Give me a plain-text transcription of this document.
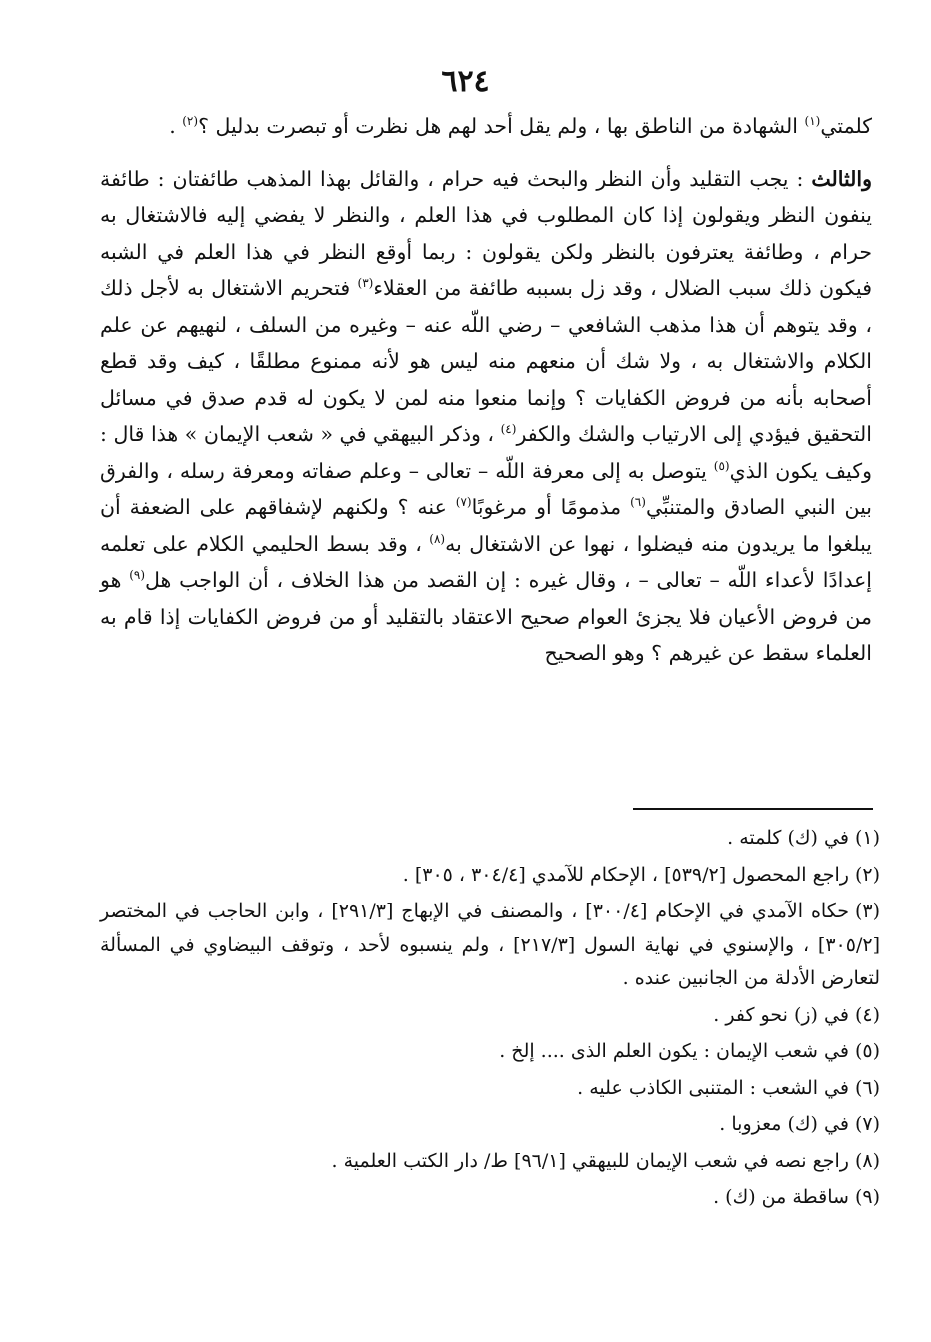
٦٢٤

كلمتي$^{(١)}$ الشهادة من الناطق بها ، ولم يقل أحد لهم هل نظرت أو تبصرت بدليل ؟$^{(٢)}$ .

والثالث : يجب التقليد وأن النظر والبحث فيه حرام ، والقائل بهذا المذهب طائفتان : طائفة ينفون النظر ويقولون إذا كان المطلوب في هذا العلم ، والنظر لا يفضي إليه فالاشتغال به حرام ، وطائفة يعترفون بالنظر ولكن يقولون : ربما أوقع النظر في هذا العلم في الشبه فيكون ذلك سبب الضلال ، وقد زل بسببه طائفة من العقلاء$^{(٣)}$ فتحريم الاشتغال به لأجل ذلك ، وقد يتوهم أن هذا مذهب الشافعي – رضي اللّه عنه – وغيره من السلف ، لنهيهم عن علم الكلام والاشتغال به ، ولا شك أن منعهم منه ليس هو لأنه ممنوع مطلقًا ، كيف وقد قطع أصحابه بأنه من فروض الكفايات ؟ وإنما منعوا منه لمن لا يكون له قدم صدق في مسائل التحقيق فيؤدي إلى الارتياب والشك والكفر$^{(٤)}$ ، وذكر البيهقي في « شعب الإيمان » هذا قال : وكيف يكون الذي$^{(٥)}$ يتوصل به إلى معرفة اللّه – تعالى – وعلم صفاته ومعرفة رسله ، والفرق بين النبي الصادق والمتنبِّي$^{(٦)}$ مذمومًا أو مرغوبًا$^{(٧)}$ عنه ؟ ولكنهم لإشفاقهم على الضعفة أن يبلغوا ما يريدون منه فيضلوا ، نهوا عن الاشتغال به$^{(٨)}$ ، وقد بسط الحليمي الكلام على تعلمه إعدادًا لأعداء اللّه – تعالى – ، وقال غيره : إن القصد من هذا الخلاف ، أن الواجب هل$^{(٩)}$ هو من فروض الأعيان فلا يجزئ العوام صحيح الاعتقاد بالتقليد أو من فروض الكفايات إذا قام به العلماء سقط عن غيرهم ؟ وهو الصحيح

(١)في (ك) كلمته .

(٢)راجع المحصول [٥٣٩/٢] ، الإحكام للآمدي [٣٠٤/٤ ، ٣٠٥] .

(٣)حكاه الآمدي في الإحكام [٣٠٠/٤] ، والمصنف في الإبهاج [٢٩١/٣] ، وابن الحاجب في المختصر [٣٠٥/٢] ، والإسنوي في نهاية السول [٢١٧/٣] ، ولم ينسبوه لأحد ، وتوقف البيضاوي في المسألة لتعارض الأدلة من الجانبين عنده .

(٤)في (ز) نحو كفر .

(٥)في شعب الإيمان : يكون العلم الذى .... إلخ .

(٦)في الشعب : المتنبى الكاذب عليه .

(٧)في (ك) معزوبا .

(٨)راجع نصه في شعب الإيمان للبيهقي [٩٦/١] ط/ دار الكتب العلمية .

(٩)ساقطة من (ك) .
